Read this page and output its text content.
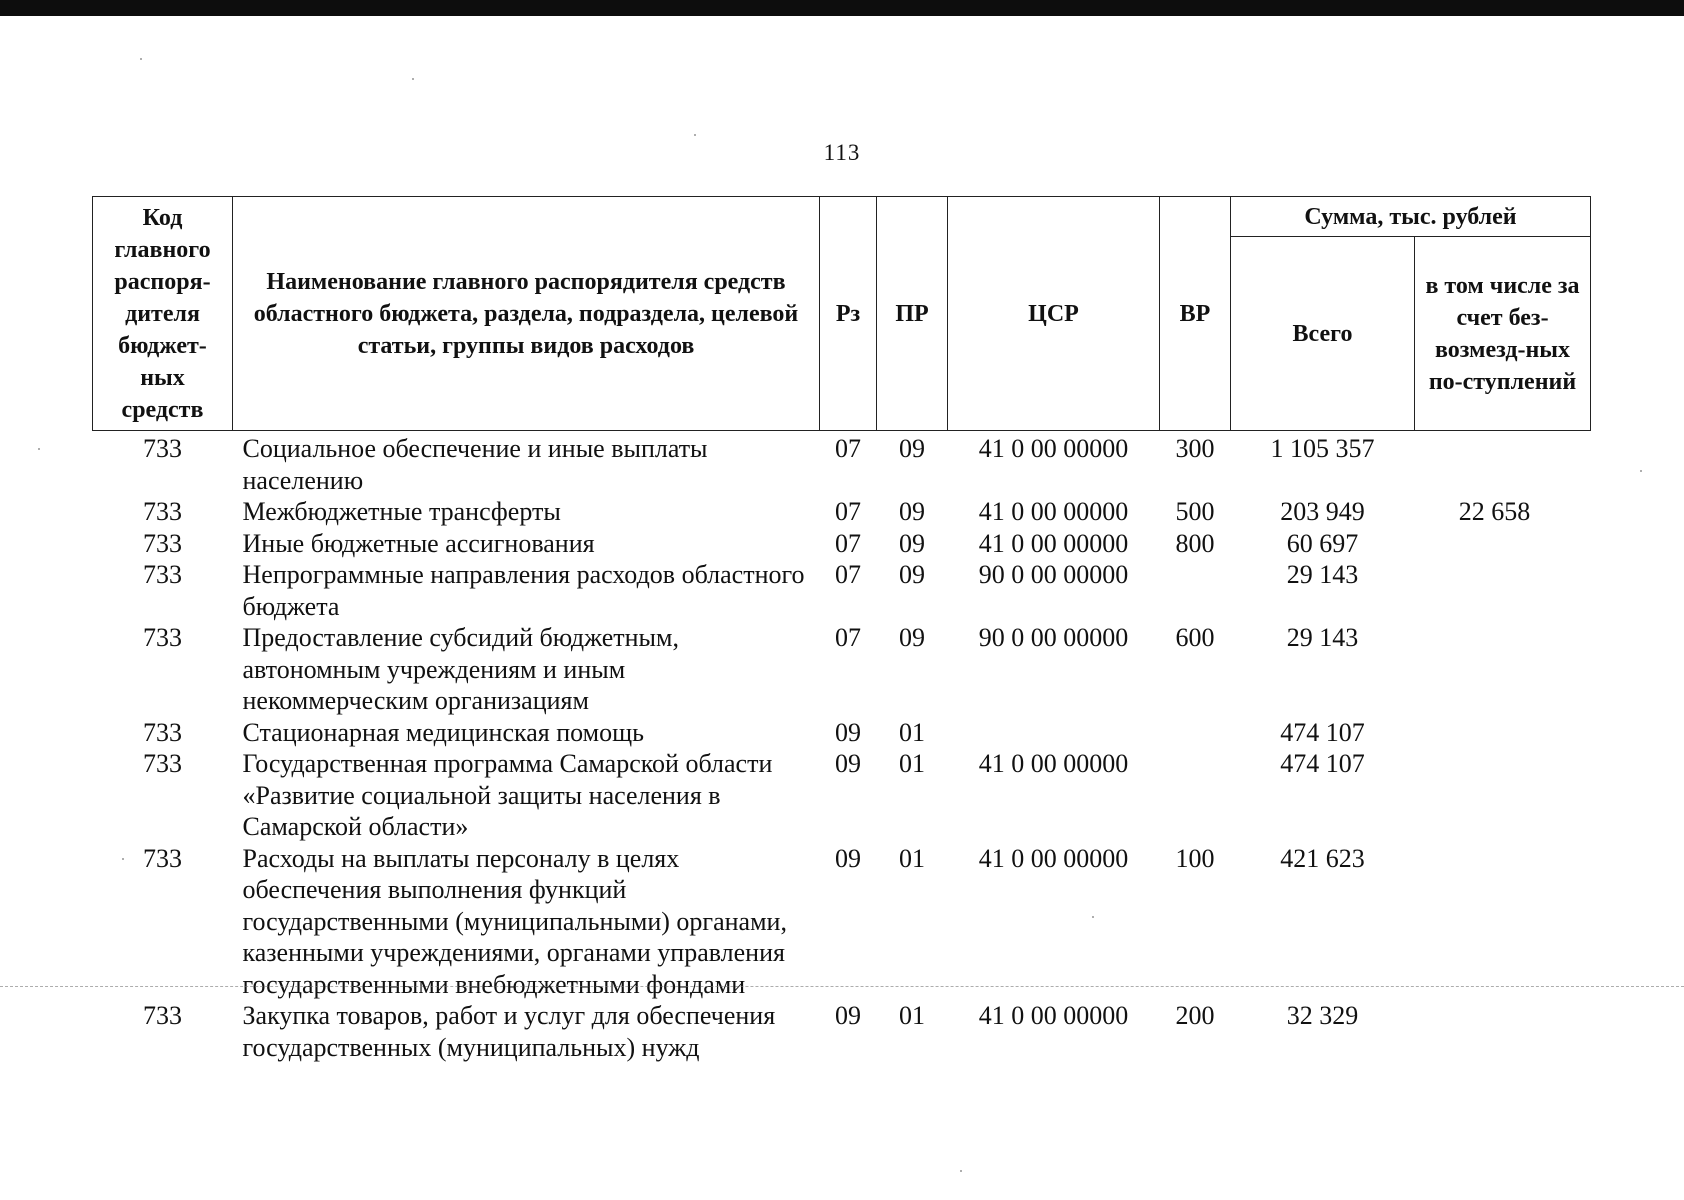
113
Код главного распоря-дителя бюджет-ных средств	Наименование главного распорядителя средств областного бюджета, раздела, подраздела, целевой статьи, группы видов расходов	Рз	ПР	ЦСР	ВР	Сумма, тыс. рублей	
						Всего	в том числе за счет без-возмезд-ных по-ступлений
733	Социальное обеспечение и иные выплаты населению	07	09	41 0 00 00000	300	1 105 357	
733	Межбюджетные трансферты	07	09	41 0 00 00000	500	203 949	22 658
733	Иные бюджетные ассигнования	07	09	41 0 00 00000	800	60 697	
733	Непрограммные направления расходов областного бюджета	07	09	90 0 00 00000		29 143	
733	Предоставление субсидий бюджетным, автономным учреждениям и иным некоммерческим организациям	07	09	90 0 00 00000	600	29 143	
733	Стационарная медицинская помощь	09	01			474 107	
733	Государственная программа Самарской области «Развитие социальной защиты населения в Самарской области»	09	01	41 0 00 00000		474 107	
733	Расходы на выплаты персоналу в целях обеспечения выполнения функций государственными (муниципальными) органами, казенными учреждениями, органами управления государственными внебюджетными фондами	09	01	41 0 00 00000	100	421 623	
733	Закупка товаров, работ и услуг для обеспечения государственных (муниципальных) нужд	09	01	41 0 00 00000	200	32 329	
